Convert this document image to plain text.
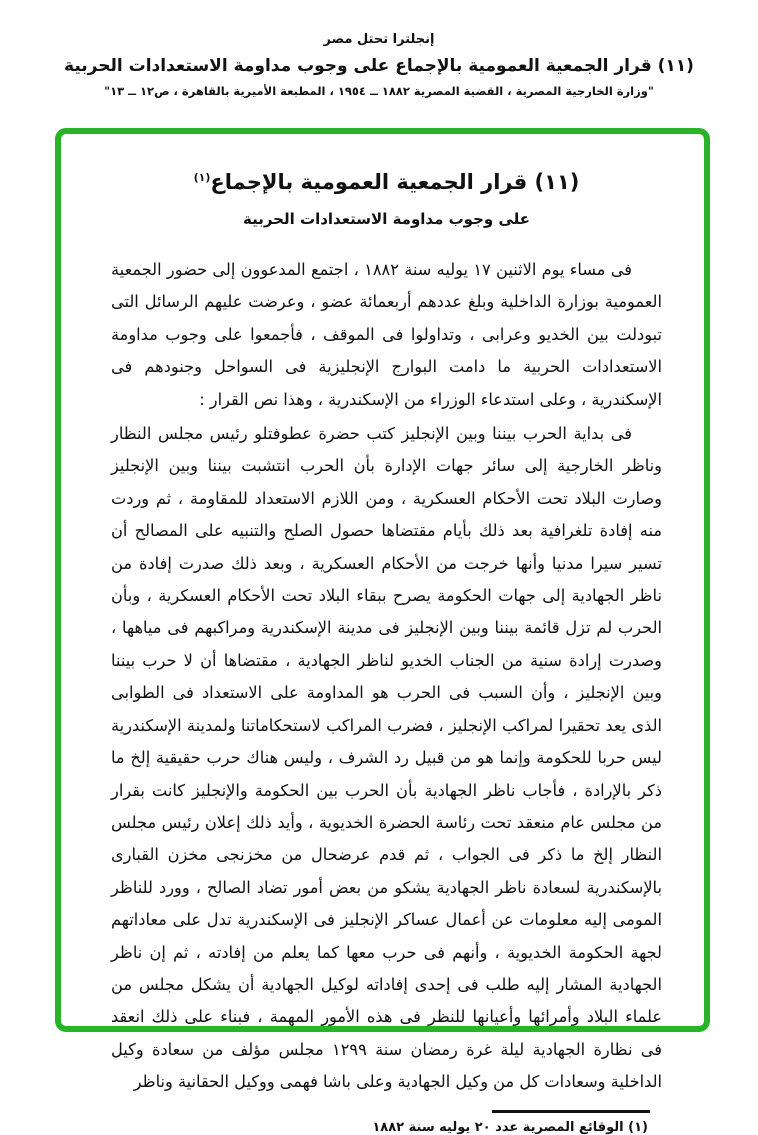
إنجلترا تحتل مصر
(١١) قرار الجمعية العمومية بالإجماع على وجوب مداومة الاستعدادات الحربية
"وزارة الخارجية المصرية ، القضية المصرية ١٨٨٢ ــ ١٩٥٤ ، المطبعة الأميرية بالقاهرة ، ص١٢ ــ ١٣"
(١١) قرار الجمعية العمومية بالإجماع$^{(١)}$
على وجوب مداومة الاستعدادات الحربية

فى مساء يوم الاثنين ١٧ يوليه سنة ١٨٨٢ ، اجتمع المدعوون إلى حضور الجمعية العمومية بوزارة الداخلية وبلغ عددهم أربعمائة عضو ، وعرضت عليهم الرسائل التى تبودلت بين الخديو وعرابى ، وتداولوا فى الموقف ، فأجمعوا على وجوب مداومة الاستعدادات الحربية ما دامت البوارج الإنجليزية فى السواحل وجنودهم فى الإسكندرية ، وعلى استدعاء الوزراء من الإسكندرية ، وهذا نص القرار :

فى بداية الحرب بيننا وبين الإنجليز كتب حضرة عطوفتلو رئيس مجلس النظار وناظر الخارجية إلى سائر جهات الإدارة بأن الحرب انتشبت بيننا وبين الإنجليز وصارت البلاد تحت الأحكام العسكرية ، ومن اللازم الاستعداد للمقاومة ، ثم وردت منه إفادة تلغرافية بعد ذلك بأيام مقتضاها حصول الصلح والتنبيه على المصالح أن تسير سيرا مدنيا وأنها خرجت من الأحكام العسكرية ، وبعد ذلك صدرت إفادة من ناظر الجهادية إلى جهات الحكومة يصرح ببقاء البلاد تحت الأحكام العسكرية ، وبأن الحرب لم تزل قائمة بيننا وبين الإنجليز فى مدينة الإسكندرية ومراكبهم فى مياهها ، وصدرت إرادة سنية من الجناب الخديو لناظر الجهادية ، مقتضاها أن لا حرب بيننا وبين الإنجليز ، وأن السبب فى الحرب هو المداومة على الاستعداد فى الطوابى الذى يعد تحقيرا لمراكب الإنجليز ، فضرب المراكب لاستحكاماتنا ولمدينة الإسكندرية ليس حربا للحكومة وإنما هو من قبيل رد الشرف ، وليس هناك حرب حقيقية إلخ ما ذكر بالإرادة ، فأجاب ناظر الجهادية بأن الحرب بين الحكومة والإنجليز كانت بقرار من مجلس عام منعقد تحت رئاسة الحضرة الخديوية ، وأيد ذلك إعلان رئيس مجلس النظار إلخ ما ذكر فى الجواب ، ثم قدم عرضحال من مخزنجى مخزن القبارى بالإسكندرية لسعادة ناظر الجهادية يشكو من بعض أمور تضاد الصالح ، وورد للناظر المومى إليه معلومات عن أعمال عساكر الإنجليز فى الإسكندرية تدل على معاداتهم لجهة الحكومة الخديوية ، وأنهم فى حرب معها كما يعلم من إفادته ، ثم إن ناظر الجهادية المشار إليه طلب فى إحدى إفاداته لوكيل الجهادية أن يشكل مجلس من علماء البلاد وأمرائها وأعيانها للنظر فى هذه الأمور المهمة ، فبناء على ذلك انعقد فى نظارة الجهادية ليلة غرة رمضان سنة ١٢٩٩ مجلس مؤلف من سعادة وكيل الداخلية وسعادات كل من وكيل الجهادية وعلى باشا فهمى ووكيل الحقانية وناظر

(١) الوقائع المصرية عدد ٢٠ يوليه سنة ١٨٨٢
